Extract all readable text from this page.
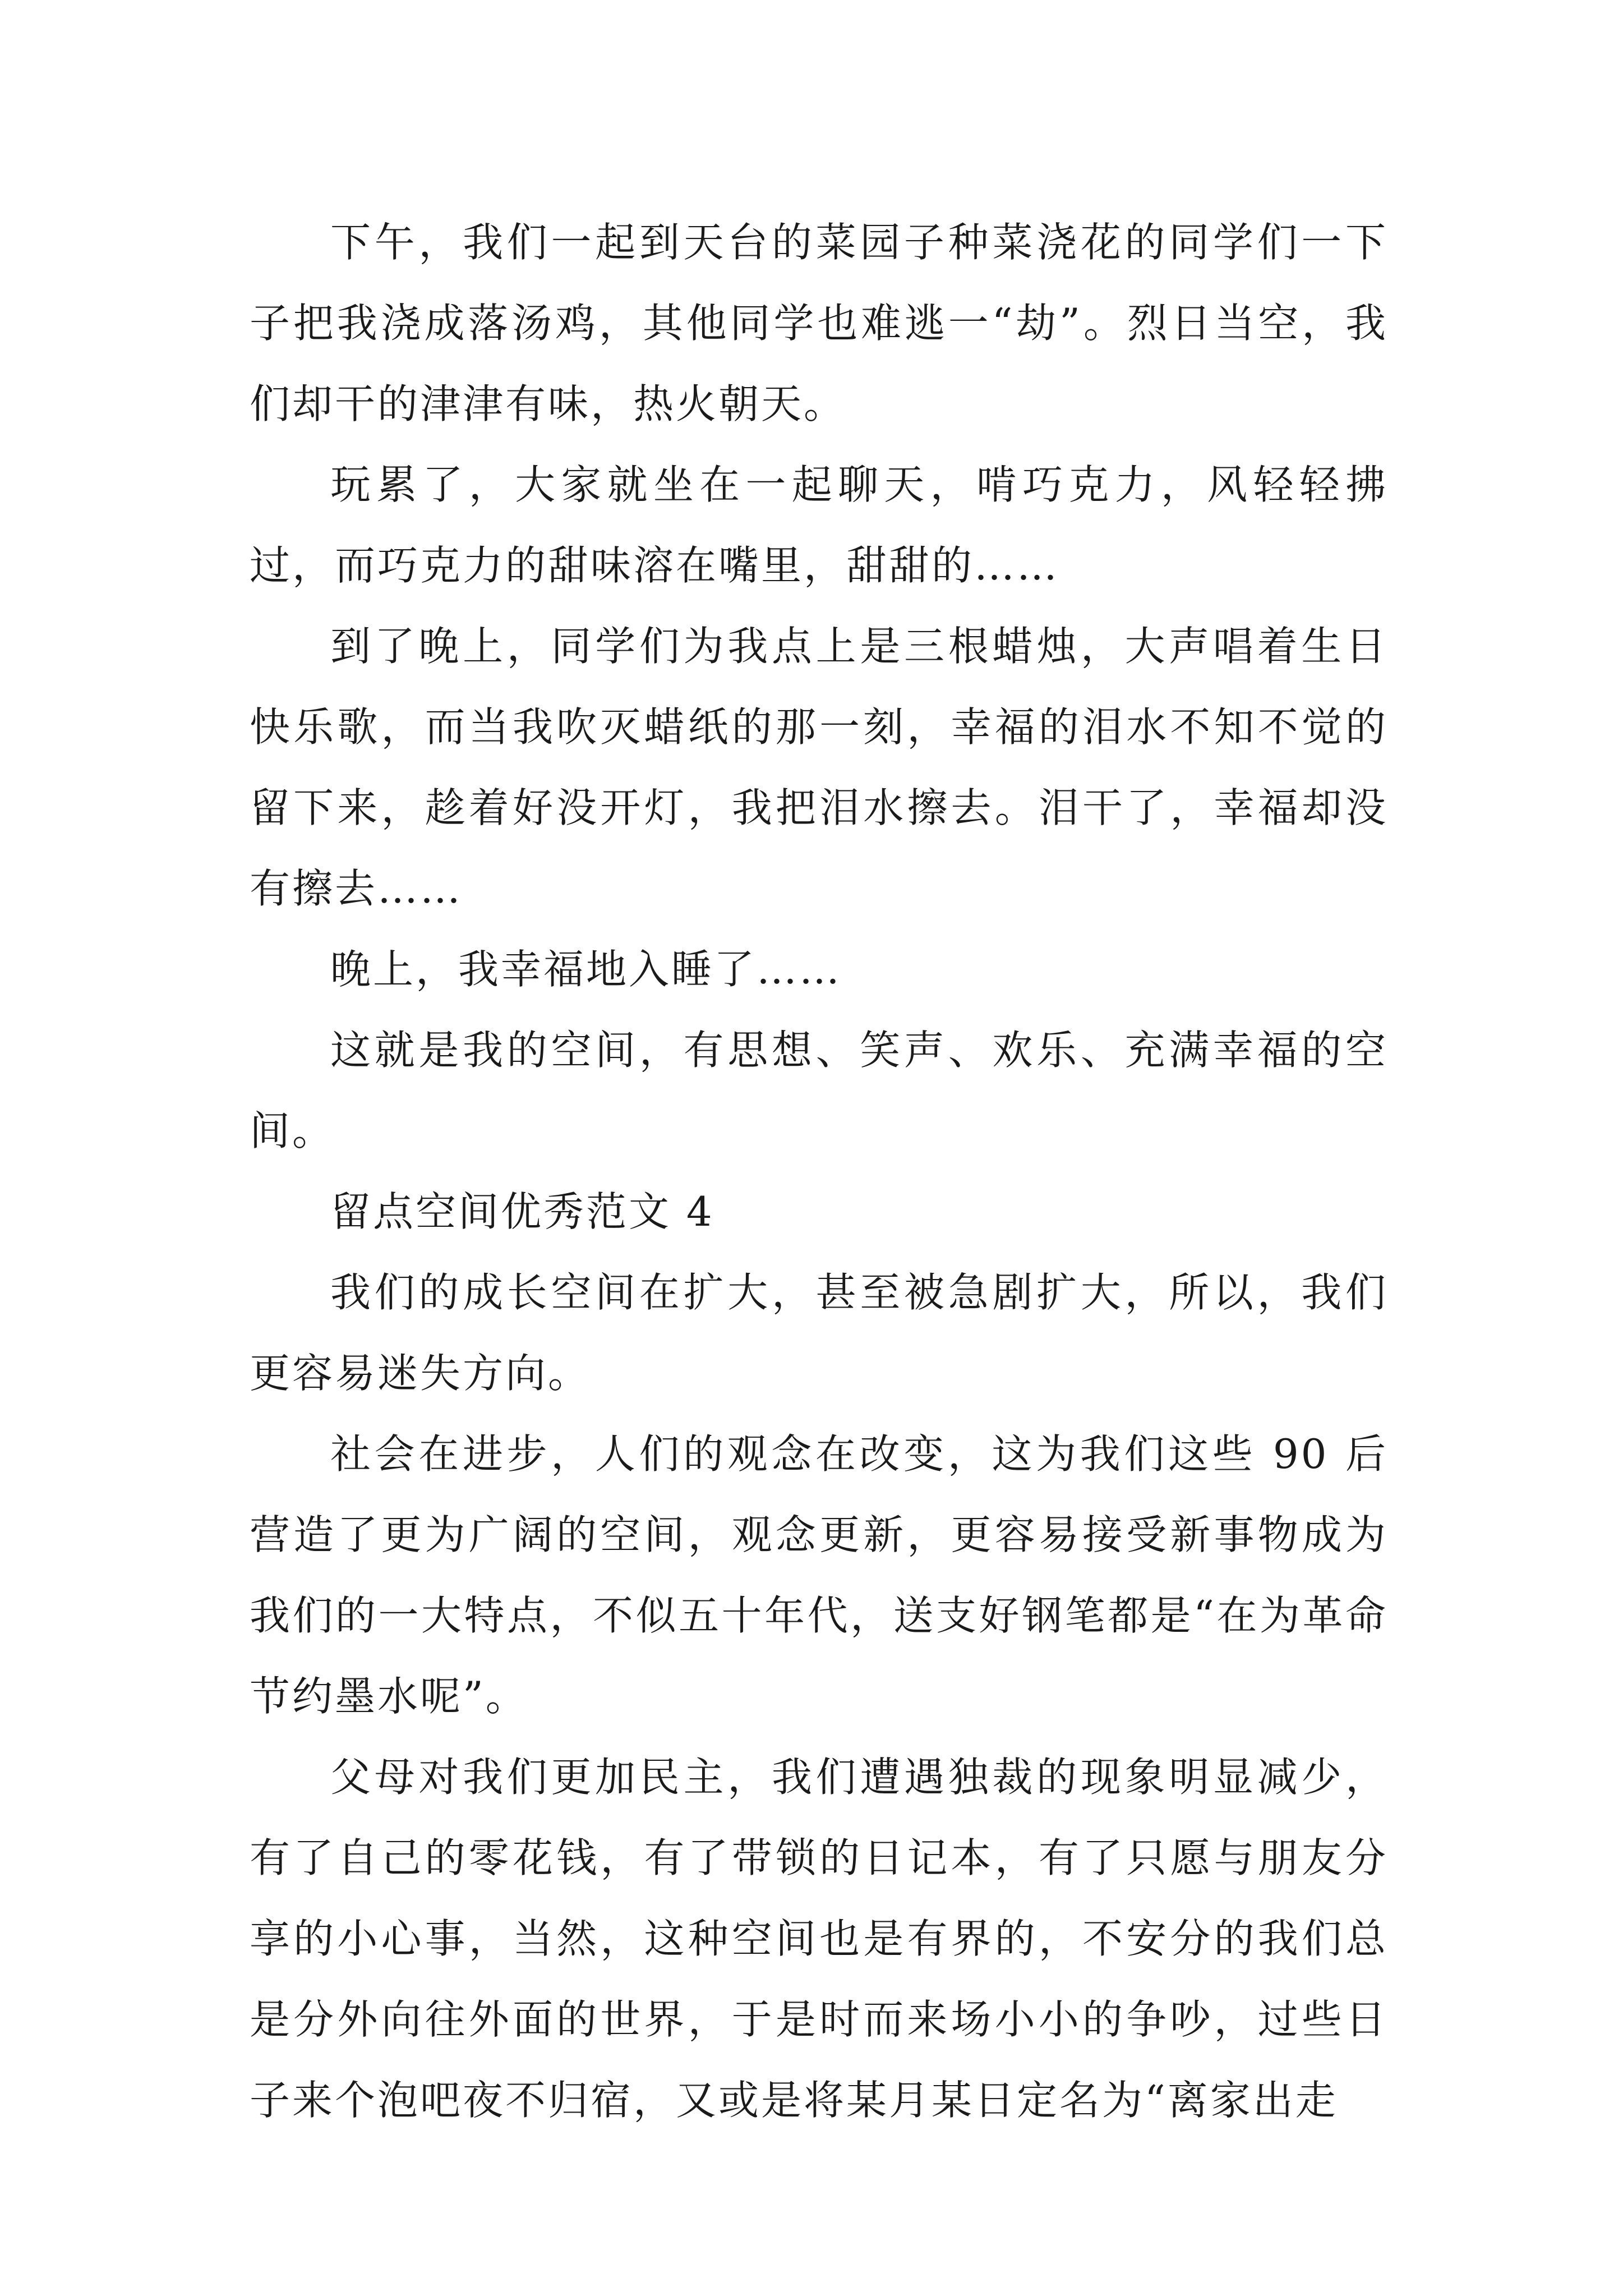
下午，我们一起到天台的菜园子种菜浇花的同学们一下子把我浇成落汤鸡，其他同学也难逃一“劫”。烈日当空，我们却干的津津有味，热火朝天。

玩累了，大家就坐在一起聊天，啃巧克力，风轻轻拂过，而巧克力的甜味溶在嘴里，甜甜的……

到了晚上，同学们为我点上是三根蜡烛，大声唱着生日快乐歌，而当我吹灭蜡纸的那一刻，幸福的泪水不知不觉的留下来，趁着好没开灯，我把泪水擦去。泪干了，幸福却没有擦去……

晚上，我幸福地入睡了……

这就是我的空间，有思想、笑声、欢乐、充满幸福的空间。

留点空间优秀范文 4

我们的成长空间在扩大，甚至被急剧扩大，所以，我们更容易迷失方向。

社会在进步，人们的观念在改变，这为我们这些 90 后营造了更为广阔的空间，观念更新，更容易接受新事物成为我们的一大特点，不似五十年代，送支好钢笔都是“在为革命节约墨水呢”。

父母对我们更加民主，我们遭遇独裁的现象明显减少，有了自己的零花钱，有了带锁的日记本，有了只愿与朋友分享的小心事，当然，这种空间也是有界的，不安分的我们总是分外向往外面的世界，于是时而来场小小的争吵，过些日子来个泡吧夜不归宿，又或是将某月某日定名为“离家出走
